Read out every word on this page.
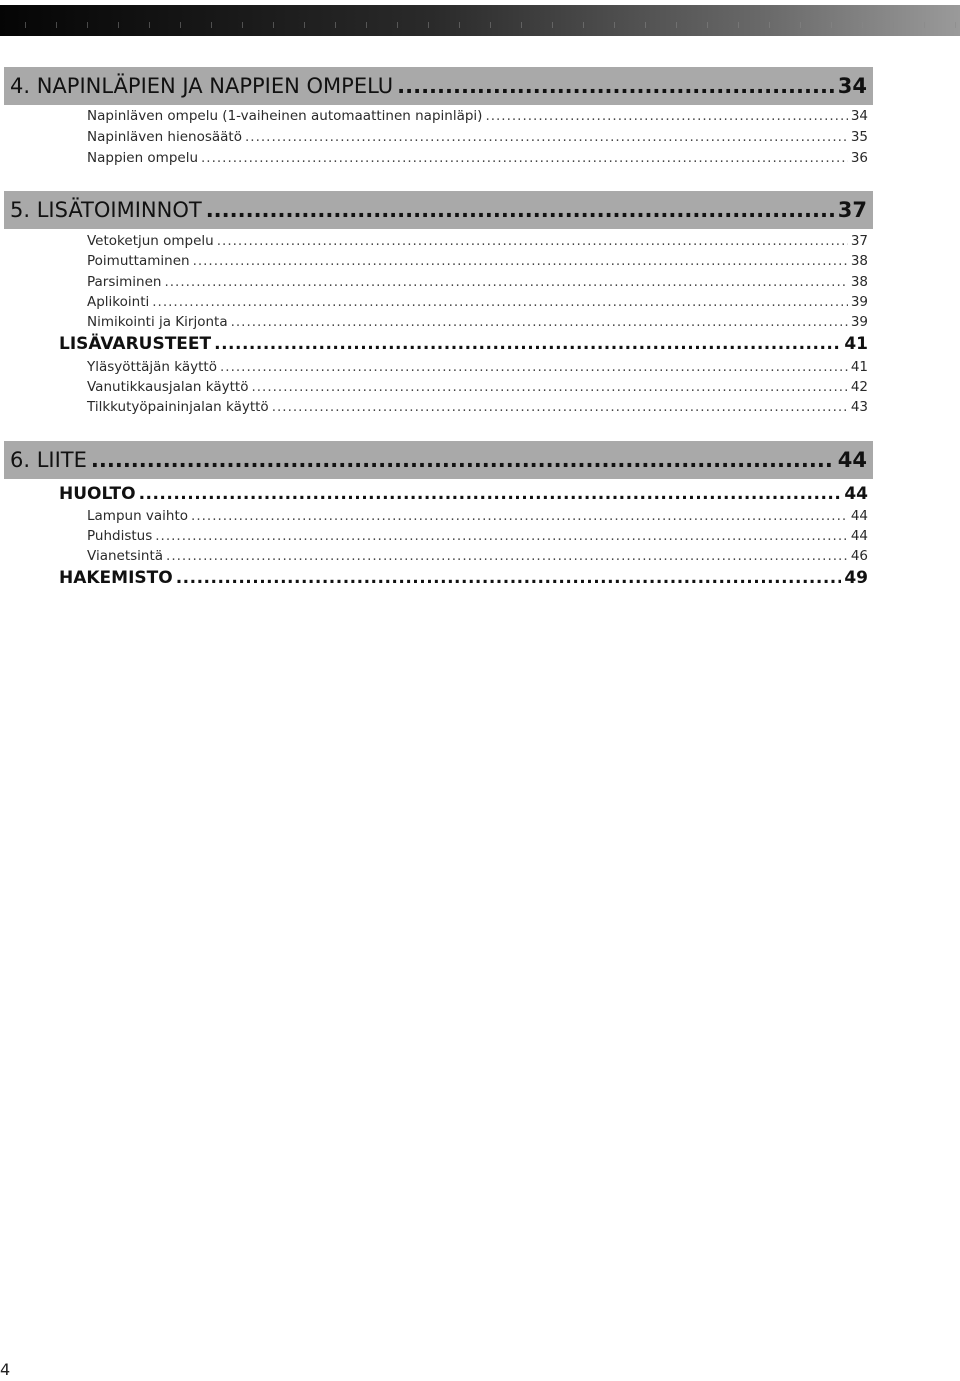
4. NAPINLÄPIEN JA NAPPIEN OMPELU .....	34
Napinläven ompelu (1-vaiheinen automaattinen napinläpi) .....	34
Napinläven hienosäätö .....	35
Nappien ompelu .....	36
5. LISÄTOIMINNOT .....	37
Vetoketjun ompelu .....	37
Poimuttaminen .....	38
Parsiminen .....	38
Aplikointi .....	39
Nimikointi ja Kirjonta .....	39
LISÄVARUSTEET .....	41
Yläsyöttäjän käyttö .....	41
Vanutikkausjalan käyttö .....	42
Tilkkutyöpaininjalan käyttö .....	43
6. LIITE .....	44
HUOLTO .....	44
Lampun vaihto .....	44
Puhdistus .....	44
Vianetsintä .....	46
HAKEMISTO .....	49
4
